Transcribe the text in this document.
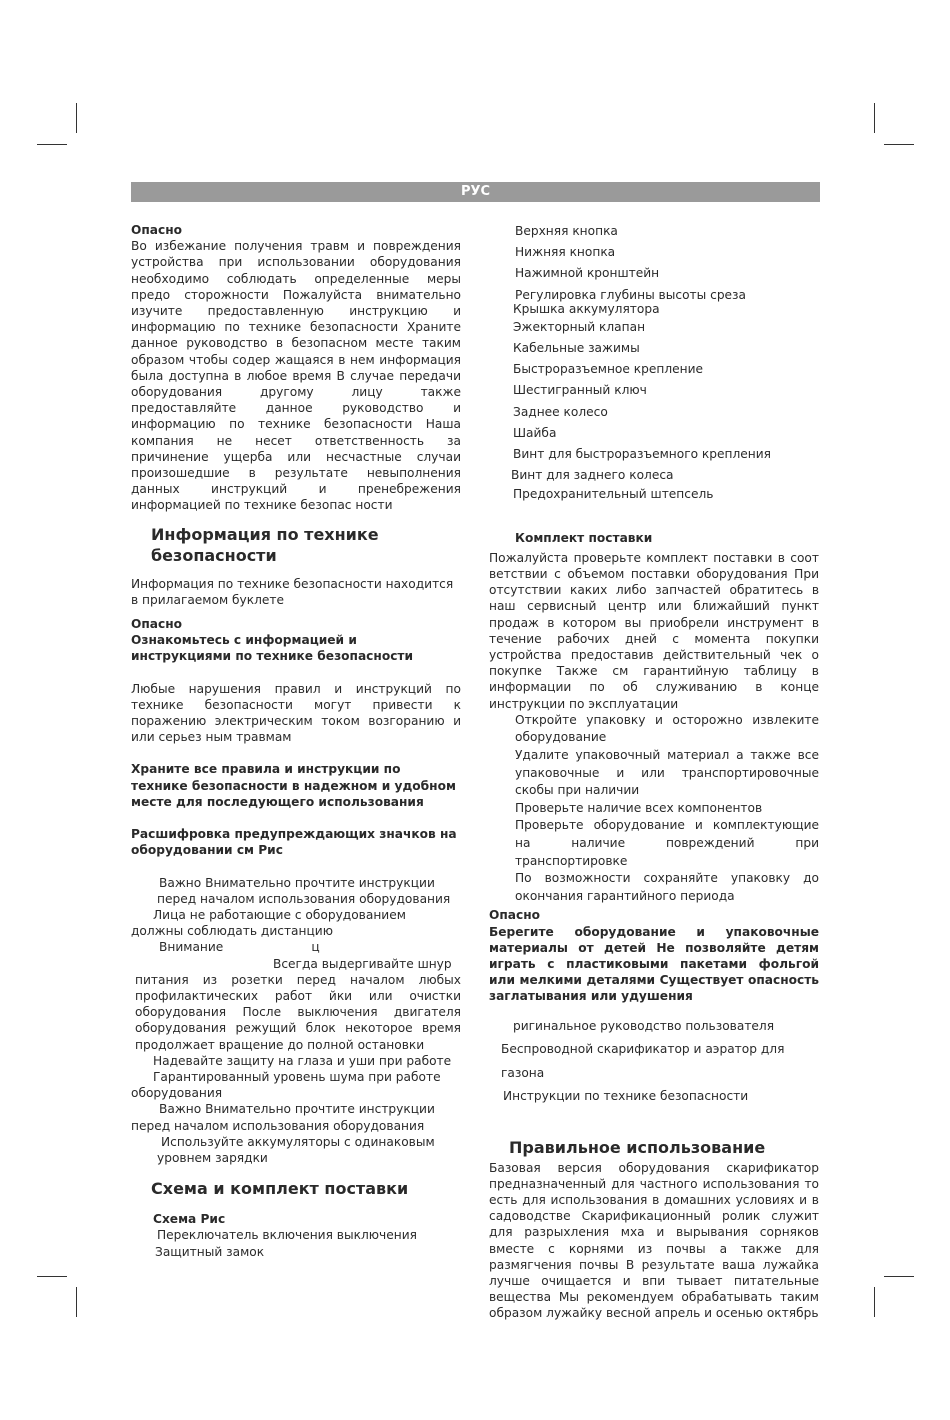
РУС

Опасно

Во избежание получения травм и повреждения устройства при использовании оборудования необходимо соблюдать определенные меры предо сторожности Пожалуйста внимательно изучите предоставленную инструкцию и информацию по технике безопасности Храните данное руководство в безопасном месте таким образом чтобы содер жащаяся в нем информация была доступна в любое время В случае передачи оборудования другому лицу также предоставляйте данное руководство и информацию по технике безопасности Наша компания не несет ответственность за причинение ущерба или несчастные случаи произошедшие в результате невыполнения данных инструкций и пренебрежения информацией по технике безопас ности

Информация по технике безопасности

Информация по технике безопасности находится в прилагаемом буклете

Опасно

Ознакомьтесь с информацией и инструкциями по технике безопасности

Любые нарушения правил и инструкций по технике безопасности могут привести к поражению электрическим током возгоранию и или серьез ным травмам

Храните все правила и инструкции по технике безопасности в надежном и удобном месте для последующего использования

Расшифровка предупреждающих значков на оборудовании см Рис

Важно Внимательно прочтите инструкции

перед началом использования оборудования

Лица не работающие с оборудованием

должны соблюдать дистанцию

Внимание	ц

Всегда выдергивайте шнур

питания из розетки перед началом любых профилактических работ йки или очистки оборудования После выключения двигателя оборудования режущий блок некоторое время продолжает вращение до полной остановки

Надевайте защиту на глаза и уши при работе

Гарантированный уровень шума при работе

оборудования

Важно Внимательно прочтите инструкции

перед началом использования оборудования

Используйте аккумуляторы с одинаковым

уровнем зарядки

Схема и комплект поставки

Схема Рис

Переключатель включения выключения

Защитный замок

Верхняя кнопка

Нижняя кнопка

Нажимной кронштейн

Регулировка глубины высоты среза

Крышка аккумулятора

Эжекторный клапан

Кабельные зажимы

Быстроразъемное крепление

Шестигранный ключ

Заднее колесо

Шайба

Винт для быстроразъемного крепления

Винт для заднего колеса

Предохранительный штепсель

Комплект поставки

Пожалуйста проверьте комплект поставки в соот ветствии с объемом поставки оборудования При отсутствии каких либо запчастей обратитесь в наш сервисный центр или ближайший пункт продаж в котором вы приобрели инструмент в течение рабочих дней с момента покупки устройства предоставив действительный чек о покупке Также см гарантийную таблицу в информации по об служиванию в конце инструкции по эксплуатации

Откройте упаковку и осторожно извлеките оборудование

Удалите упаковочный материал а также все упаковочные и или транспортировочные скобы при наличии

Проверьте наличие всех компонентов

Проверьте оборудование и комплектующие на наличие повреждений при транспортировке

По возможности сохраняйте упаковку до окончания гарантийного периода

Опасно

Берегите оборудование и упаковочные материалы от детей Не позволяйте детям играть с пластиковыми пакетами фольгой или мелкими деталями Существует опасность заглатывания или удушения

ригинальное руководство пользователя

Беспроводной скарификатор и аэратор для газона

Инструкции по технике безопасности

Правильное использование

Базовая версия оборудования скарификатор предназначенный для частного использования то есть для использования в домашних условиях и в садоводстве Скарификационный ролик служит для разрыхления мха и вырывания сорняков вместе с корнями из почвы а также для размягчения почвы В результате ваша лужайка лучше очищается и впи тывает питательные вещества Мы рекомендуем обрабатывать таким образом лужайку весной апрель и осенью октябрь
